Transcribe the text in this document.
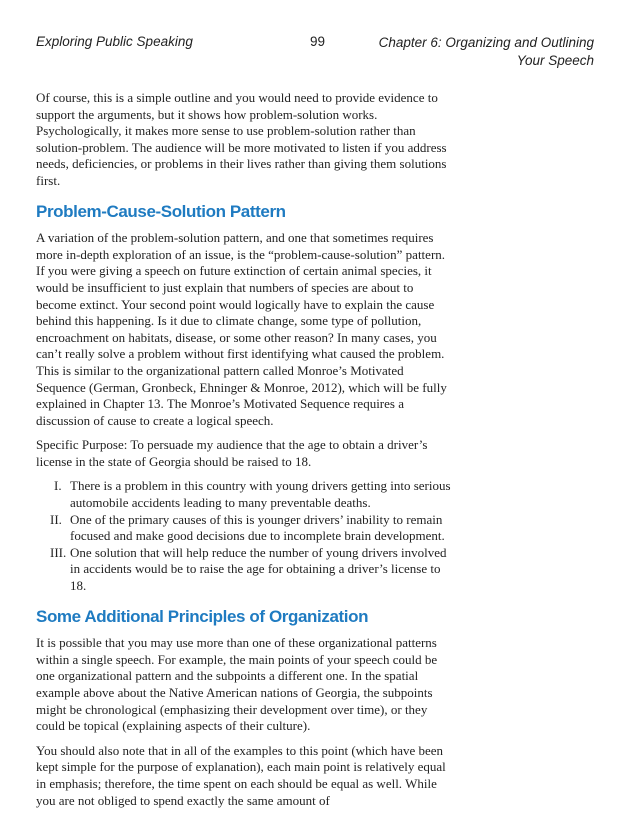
Exploring Public Speaking	99	Chapter 6: Organizing and Outlining
Your Speech

Of course, this is a simple outline and you would need to provide evidence to support the arguments, but it shows how problem-solution works. Psychologically, it makes more sense to use problem-solution rather than solution-problem. The audience will be more motivated to listen if you address needs, deficiencies, or problems in their lives rather than giving them solutions first.

Problem-Cause-Solution Pattern

A variation of the problem-solution pattern, and one that sometimes requires more in-depth exploration of an issue, is the “problem-cause-solution” pattern. If you were giving a speech on future extinction of certain animal species, it would be insufficient to just explain that numbers of species are about to become extinct. Your second point would logically have to explain the cause behind this happening. Is it due to climate change, some type of pollution, encroachment on habitats, disease, or some other reason? In many cases, you can’t really solve a problem without first identifying what caused the problem. This is similar to the organizational pattern called Monroe’s Motivated Sequence (German, Gronbeck, Ehninger & Monroe, 2012), which will be fully explained in Chapter 13. The Monroe’s Motivated Sequence requires a discussion of cause to create a logical speech.

Specific Purpose: To persuade my audience that the age to obtain a driver’s license in the state of Georgia should be raised to 18.

I. There is a problem in this country with young drivers getting into serious automobile accidents leading to many preventable deaths.
II. One of the primary causes of this is younger drivers’ inability to remain focused and make good decisions due to incomplete brain development.
III. One solution that will help reduce the number of young drivers involved in accidents would be to raise the age for obtaining a driver’s license to 18.
Some Additional Principles of Organization

It is possible that you may use more than one of these organizational patterns within a single speech. For example, the main points of your speech could be one organizational pattern and the subpoints a different one. In the spatial example above about the Native American nations of Georgia, the subpoints might be chronological (emphasizing their development over time), or they could be topical (explaining aspects of their culture).

You should also note that in all of the examples to this point (which have been kept simple for the purpose of explanation), each main point is relatively equal in emphasis; therefore, the time spent on each should be equal as well. While you are not obliged to spend exactly the same amount of
